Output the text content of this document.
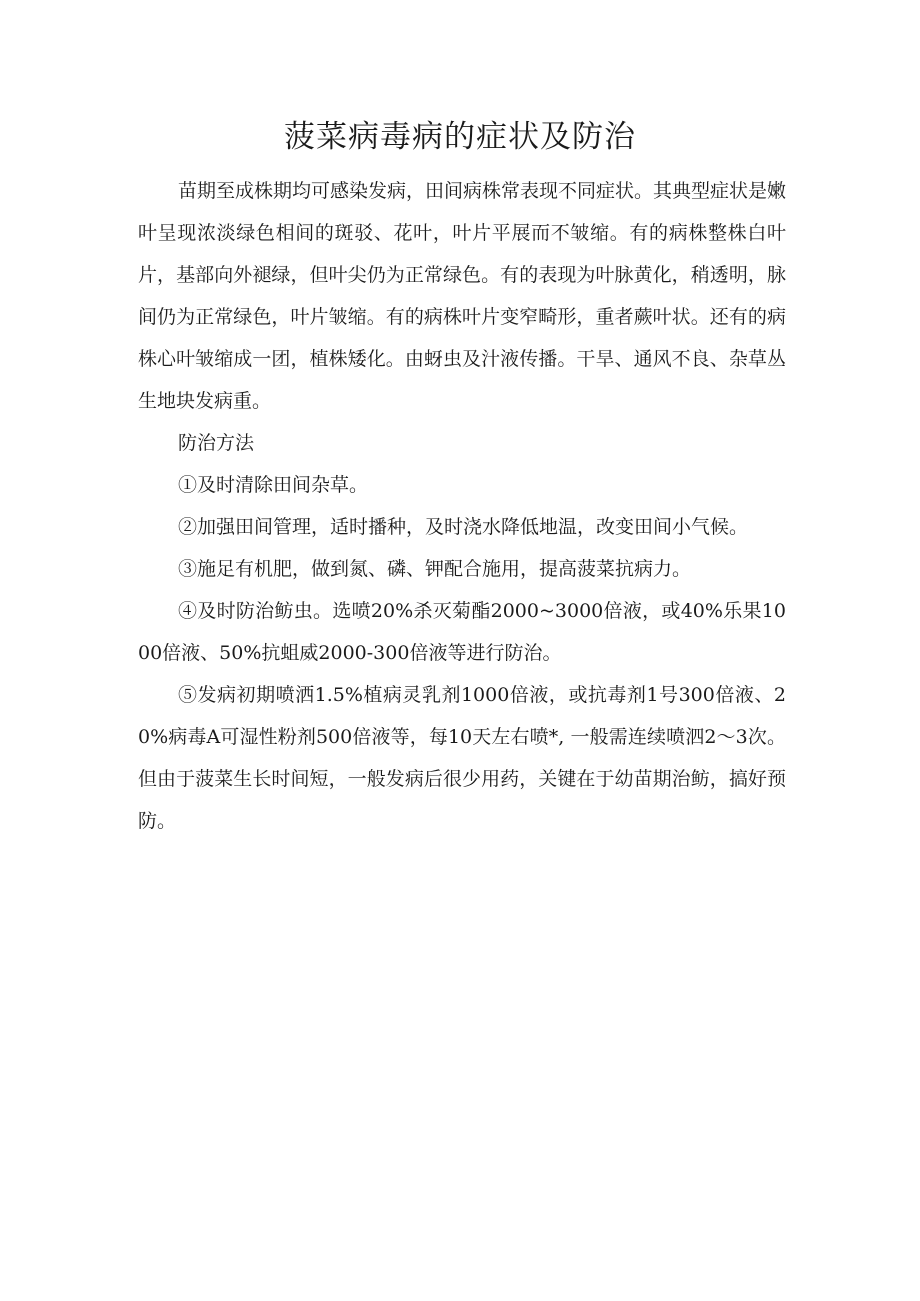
菠菜病毒病的症状及防治

苗期至成株期均可感染发病，田间病株常表现不同症状。其典型症状是嫩叶呈现浓淡绿色相间的斑驳、花叶，叶片平展而不皱缩。有的病株整株白叶片，基部向外褪绿，但叶尖仍为正常绿色。有的表现为叶脉黄化，稍透明，脉间仍为正常绿色，叶片皱缩。有的病株叶片变窄畸形，重者蕨叶状。还有的病株心叶皱缩成一团，植株矮化。由蚜虫及汁液传播。干旱、通风不良、杂草丛生地块发病重。

防治方法

①及时清除田间杂草。

②加强田间管理，适时播种，及时浇水降低地温，改变田间小气候。

③施足有机肥，做到氮、磷、钾配合施用，提高菠菜抗病力。

④及时防治鲂虫。选喷20%杀灭菊酯2000~3000倍液，或40%乐果1000倍液、50%抗蛆威2000-300倍液等进行防治。

⑤发病初期喷洒1.5%植病灵乳剂1000倍液，或抗毒剂1号300倍液、20%病毒A可湿性粉剂500倍液等，每10天左右喷*, 一般需连续喷泗2～3次。但由于菠菜生长时间短，一般发病后很少用药，关键在于幼苗期治鲂，搞好预防。
